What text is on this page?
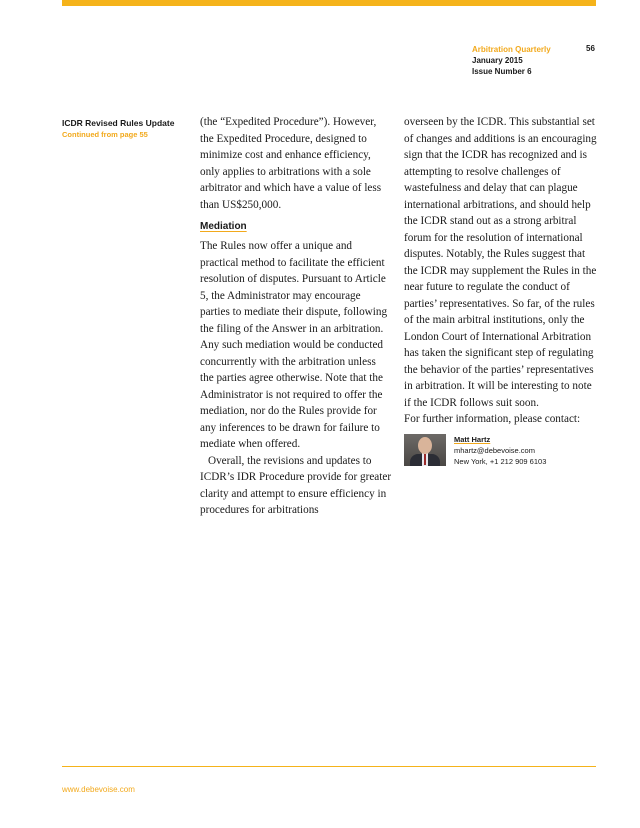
Arbitration Quarterly
January 2015
Issue Number 6
56
ICDR Revised Rules Update
Continued from page 55

(the “Expedited Procedure”). However, the Expedited Procedure, designed to minimize cost and enhance efficiency, only applies to arbitrations with a sole arbitrator and which have a value of less than US$250,000.

Mediation

The Rules now offer a unique and practical method to facilitate the efficient resolution of disputes. Pursuant to Article 5, the Administrator may encourage parties to mediate their dispute, following the filing of the Answer in an arbitration. Any such mediation would be conducted concurrently with the arbitration unless the parties agree otherwise. Note that the Administrator is not required to offer the mediation, nor do the Rules provide for any inferences to be drawn for failure to mediate when offered.

Overall, the revisions and updates to ICDR’s IDR Procedure provide for greater clarity and attempt to ensure efficiency in procedures for arbitrations

overseen by the ICDR. This substantial set of changes and additions is an encouraging sign that the ICDR has recognized and is attempting to resolve challenges of wastefulness and delay that can plague international arbitrations, and should help the ICDR stand out as a strong arbitral forum for the resolution of international disputes. Notably, the Rules suggest that the ICDR may supplement the Rules in the near future to regulate the conduct of parties’ representatives. So far, of the rules of the main arbitral institutions, only the London Court of International Arbitration has taken the significant step of regulating the behavior of the parties’ representatives in arbitration. It will be interesting to note if the ICDR follows suit soon.

For further information, please contact:

Matt Hartz
mhartz@debevoise.com
New York, +1 212 909 6103
www.debevoise.com
